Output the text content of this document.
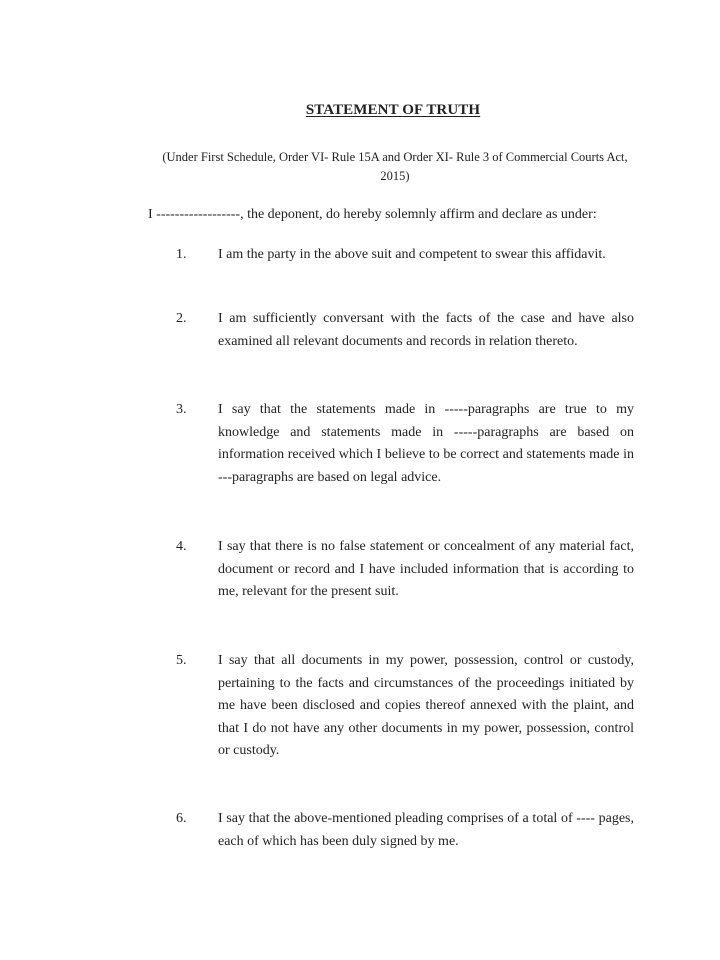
STATEMENT OF TRUTH
(Under First Schedule, Order VI- Rule 15A and Order XI- Rule 3 of Commercial Courts Act, 2015)
I ------------------, the deponent, do hereby solemnly affirm and declare as under:
1.	I am the party in the above suit and competent to swear this affidavit.
2.	I am sufficiently conversant with the facts of the case and have also examined all relevant documents and records in relation thereto.
3.	I say that the statements made in -----paragraphs are true to my knowledge and statements made in -----paragraphs are based on information received which I believe to be correct and statements made in ---paragraphs are based on legal advice.
4.	I say that there is no false statement or concealment of any material fact, document or record and I have included information that is according to me, relevant for the present suit.
5.	I say that all documents in my power, possession, control or custody, pertaining to the facts and circumstances of the proceedings initiated by me have been disclosed and copies thereof annexed with the plaint, and that I do not have any other documents in my power, possession, control or custody.
6.	I say that the above-mentioned pleading comprises of a total of ---- pages, each of which has been duly signed by me.
